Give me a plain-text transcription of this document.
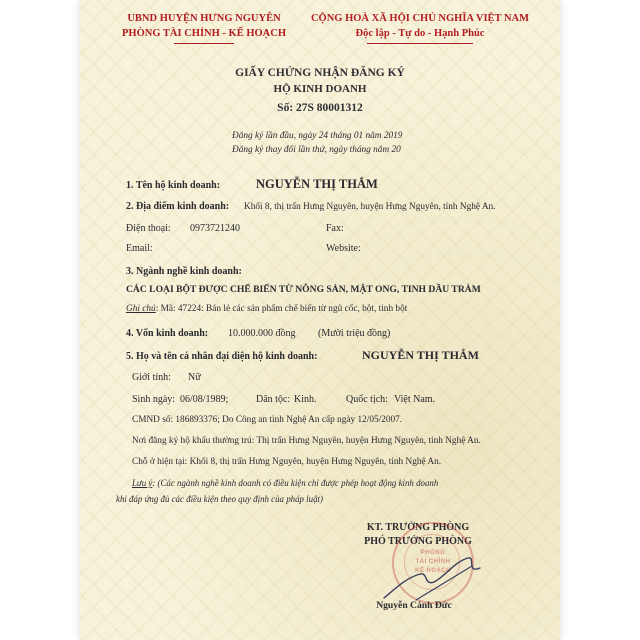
UBND HUYỆN HƯNG NGUYÊN
PHÒNG TÀI CHÍNH - KẾ HOẠCH
CỘNG HOÀ XÃ HỘI CHỦ NGHĨA VIỆT NAM
Độc lập - Tự do - Hạnh Phúc
GIẤY CHỨNG NHẬN ĐĂNG KÝ
HỘ KINH DOANH
Số: 27S 80001312
Đăng ký lần đầu, ngày 24 tháng 01 năm 2019
Đăng ký thay đổi lần thứ, ngày tháng năm 20
1. Tên hộ kinh doanh:	NGUYỄN THỊ THẮM
2. Địa điểm kinh doanh: Khối 8, thị trấn Hưng Nguyên, huyện Hưng Nguyên, tỉnh Nghệ An.
Điện thoại: 0973721240	Fax:
Email:	Website:
3. Ngành nghề kinh doanh:
CÁC LOẠI BỘT ĐƯỢC CHẾ BIẾN TỪ NÔNG SẢN, MẬT ONG, TINH DẦU TRÀM
Ghi chú: Mã: 47224: Bán lẻ các sản phẩm chế biến từ ngũ cốc, bột, tinh bột
4. Vốn kinh doanh: 10.000.000 đồng (Mười triệu đồng)
5. Họ và tên cá nhân đại diện hộ kinh doanh:	NGUYỄN THỊ THẮM
Giới tính: Nữ
Sinh ngày: 06/08/1989;	Dân tộc: Kinh.	Quốc tịch: Việt Nam.
CMND số: 186893376; Do Công an tỉnh Nghệ An cấp ngày 12/05/2007.
Nơi đăng ký hộ khẩu thường trú: Thị trấn Hưng Nguyên, huyện Hưng Nguyên, tỉnh Nghệ An.
Chỗ ở hiện tại: Khối 8, thị trấn Hưng Nguyên, huyện Hưng Nguyên, tỉnh Nghệ An.
Lưu ý: (Các ngành nghề kinh doanh có điều kiện chỉ được phép hoạt động kinh doanh
khi đáp ứng đủ các điều kiện theo quy định của pháp luật)
KT. TRƯỞNG PHÒNG
PHÓ TRƯỞNG PHÒNG
PHÒNG
TÀI CHÍNH
KẾ HOẠCH
Nguyễn Cảnh Đức
